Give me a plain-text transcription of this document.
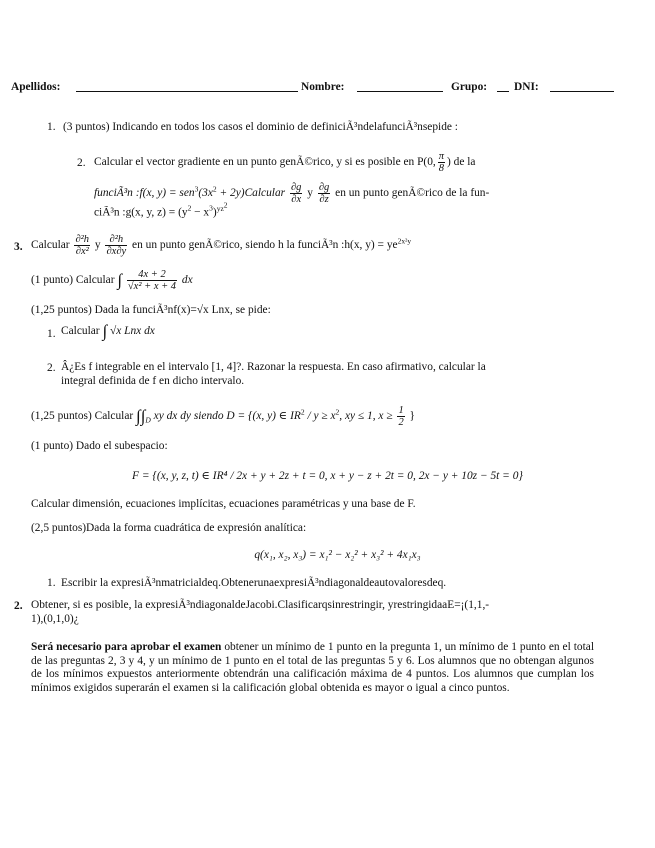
Apellidos:	Nombre:	Grupo: DNI:
1. (3 puntos) Indicando en todos los casos el dominio de definiciÃ³ndelafunciÃ³nsepide :
2. Calcular el vector gradiente en un punto genÃ©rico, y si es posible en P(0, $\frac{\pi}{8}$ ) de la
funciÃ³n :f(x, $y) = sen^3(3x^2$ + 2y)Calcular $\frac{\partial g}{\partial x}$ y $\frac{\partial g}{\partial z}$ en un punto genÃ©rico de la fun-
ciÃ³n :g(x, y, $z) = (y^2 - x^3)^{yz^2}$
3. Calcular $\frac{\text{∂²h}}{\text{∂x²}}$ y $\frac{\text{∂²h}}{\partial x\partial y}$ en un punto genÃ©rico, siendo h la funciÃ³n :h(x, $y) = ye^{2x^2y}$
(1 punto) Calcular ∫ $\frac{4x + 2}{\text{√x² + x + 4}}$ dx
(1,25 puntos) Dada la funciÃ³nf(x)=√x Lnx, se pide:
1. Calcular ∫ √x Lnx dx
2. Â¿Es f integrable en el intervalo [1, 4]?. Razonar la respuesta. En caso afirmativo, calcular la
integral definida de f en dicho intervalo.
(1,25 puntos) Calcular $\int\int_D$ xy dx dy siendo D = {(x, y) ∈ $IR^2 / y \ge x^2$, xy ≤ 1, $x \ge \frac{1}{2}$ }
(1 punto) Dado el subespacio:
F = {(x, y, z, t) ∈ IR⁴ / 2x + y + 2z + t = 0, x + y − z + 2t = 0, 2x − y + 10z − 5t = 0}
Calcular dimensión, ecuaciones implícitas, ecuaciones paramétricas y una base de F.
(2,5 puntos)Dada la forma cuadrática de expresión analítica:
q(x₁, x₂, x₃) = x₁² − x₂² + x₃² + 4x₁x₃
1. Escribir la expresiÃ³nmatricialdeq.ObtenerunaexpresiÃ³ndiagonaldeautovaloresdeq.
2. Obtener, si es posible, la expresiÃ³ndiagonaldeJacobi.Clasificarqsinrestringir, yrestringidaaE=¡(1,1,-
1),(0,1,0)¿
Será necesario para aprobar el examen obtener un mínimo de 1 punto en la pregunta 1, un mínimo de 1 punto en el total de las preguntas 2, 3 y 4, y un mínimo de 1 punto en el total de las preguntas 5 y 6. Los alumnos que no obtengan algunos de los mínimos expuestos anteriormente obtendrán una calificación máxima de 4 puntos. Los alumnos que cumplan los mínimos exigidos superarán el examen si la calificación global obtenida es mayor o igual a cinco puntos.
